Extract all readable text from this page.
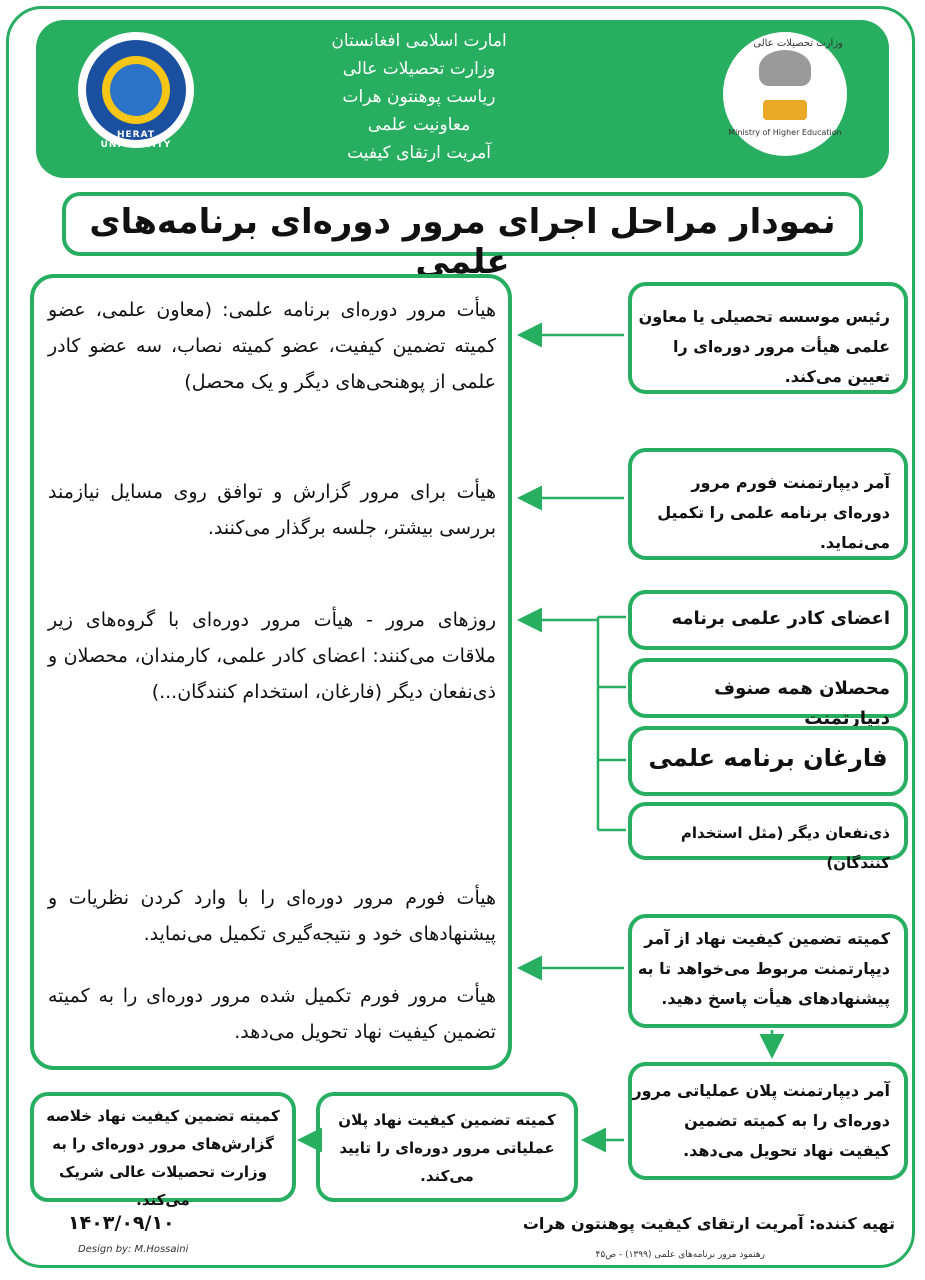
HERAT UNIVERSITY
امارت اسلامی افغانستان
وزارت تحصیلات عالی
ریاست پوهنتون هرات
معاونیت علمی
آمریت ارتقای کیفیت
وزارت تحصیلات عالی
Ministry of Higher Education
نمودار مراحل اجرای مرور دوره‌ای برنامه‌های علمی
هیأت مرور دوره‌ای برنامه علمی: (معاون علمی، عضو کمیته تضمین کیفیت، عضو کمیته نصاب، سه عضو کادر علمی از پوهنحی‌های دیگر و یک محصل)
هیأت برای مرور گزارش و توافق روی مسایل نیازمند بررسی بیشتر، جلسه برگذار می‌کنند.
روزهای مرور - هیأت مرور دوره‌ای با گروه‌های زیر ملاقات می‌کنند: اعضای کادر علمی، کارمندان، محصلان و ذی‌نفعان دیگر (فارغان، استخدام کنندگان...)
هیأت فورم مرور دوره‌ای را با وارد کردن نظریات و پیشنهادهای خود و نتیجه‌گیری تکمیل می‌نماید.
هیأت مرور فورم تکمیل شده مرور دوره‌ای را به کمیته تضمین کیفیت نهاد تحویل می‌دهد.
رئیس موسسه تحصیلی یا معاون علمی هیأت مرور دوره‌ای را تعیین می‌کند.
آمر دیپارتمنت فورم مرور دوره‌ای برنامه علمی را تکمیل می‌نماید.
اعضای کادر علمی برنامه
محصلان همه صنوف دیپارتمنت
فارغان برنامه علمی
ذی‌نفعان دیگر (مثل استخدام کنندگان)
کمیته تضمین کیفیت نهاد از آمر دیپارتمنت مربوط می‌خواهد تا به پیشنهادهای هیأت پاسخ دهید.
آمر دیپارتمنت پلان عملیاتی مرور دوره‌ای را به کمیته تضمین کیفیت نهاد تحویل می‌دهد.
کمیته تضمین کیفیت نهاد پلان عملیاتی مرور دوره‌ای را تایید می‌کند.
کمیته تضمین کیفیت نهاد خلاصه گزارش‌های مرور دوره‌ای را به وزارت تحصیلات عالی شریک می‌کند.
۱۴۰۳/۰۹/۱۰	تهیه کننده: آمریت ارتقای کیفیت پوهنتون هرات
Design by: M.Hossaini	رهنمود مرور برنامه‌های علمی (۱۳۹۹) - ص۴۵
